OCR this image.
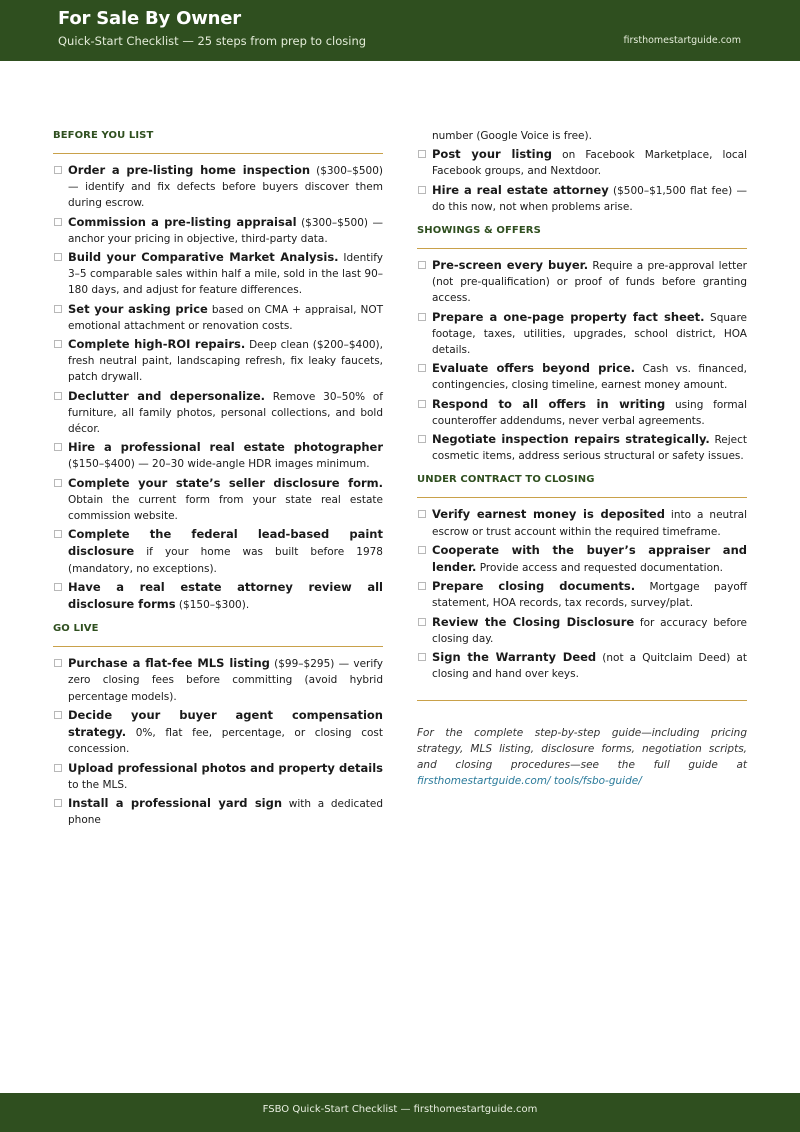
For Sale By Owner
Quick-Start Checklist — 25 steps from prep to closing	firsthomestartguide.com
BEFORE YOU LIST
Order a pre-listing home inspection ($300–$500) — identify and fix defects before buyers discover them during escrow.
Commission a pre-listing appraisal ($300–$500) — anchor your pricing in objective, third-party data.
Build your Comparative Market Analysis. Identify 3–5 comparable sales within half a mile, sold in the last 90–180 days, and adjust for feature differences.
Set your asking price based on CMA + appraisal, NOT emotional attachment or renovation costs.
Complete high-ROI repairs. Deep clean ($200–$400), fresh neutral paint, landscaping refresh, fix leaky faucets, patch drywall.
Declutter and depersonalize. Remove 30–50% of furniture, all family photos, personal collections, and bold décor.
Hire a professional real estate photographer ($150–$400) — 20–30 wide-angle HDR images minimum.
Complete your state’s seller disclosure form. Obtain the current form from your state real estate commission website.
Complete the federal lead-based paint disclosure if your home was built before 1978 (mandatory, no exceptions).
Have a real estate attorney review all disclosure forms ($150–$300).
GO LIVE
Purchase a flat-fee MLS listing ($99–$295) — verify zero closing fees before committing (avoid hybrid percentage models).
Decide your buyer agent compensation strategy. 0%, flat fee, percentage, or closing cost concession.
Upload professional photos and property details to the MLS.
Install a professional yard sign with a dedicated phone
number (Google Voice is free).
Post your listing on Facebook Marketplace, local Facebook groups, and Nextdoor.
Hire a real estate attorney ($500–$1,500 flat fee) — do this now, not when problems arise.
SHOWINGS & OFFERS
Pre-screen every buyer. Require a pre-approval letter (not pre-qualification) or proof of funds before granting access.
Prepare a one-page property fact sheet. Square footage, taxes, utilities, upgrades, school district, HOA details.
Evaluate offers beyond price. Cash vs. financed, contingencies, closing timeline, earnest money amount.
Respond to all offers in writing using formal counteroffer addendums, never verbal agreements.
Negotiate inspection repairs strategically. Reject cosmetic items, address serious structural or safety issues.
UNDER CONTRACT TO CLOSING
Verify earnest money is deposited into a neutral escrow or trust account within the required timeframe.
Cooperate with the buyer’s appraiser and lender. Provide access and requested documentation.
Prepare closing documents. Mortgage payoff statement, HOA records, tax records, survey/plat.
Review the Closing Disclosure for accuracy before closing day.
Sign the Warranty Deed (not a Quitclaim Deed) at closing and hand over keys.
For the complete step-by-step guide—including pricing strategy, MLS listing, disclosure forms, negotiation scripts, and closing procedures—see the full guide at firsthomestartguide.com/ tools/fsbo-guide/
FSBO Quick-Start Checklist — firsthomestartguide.com
